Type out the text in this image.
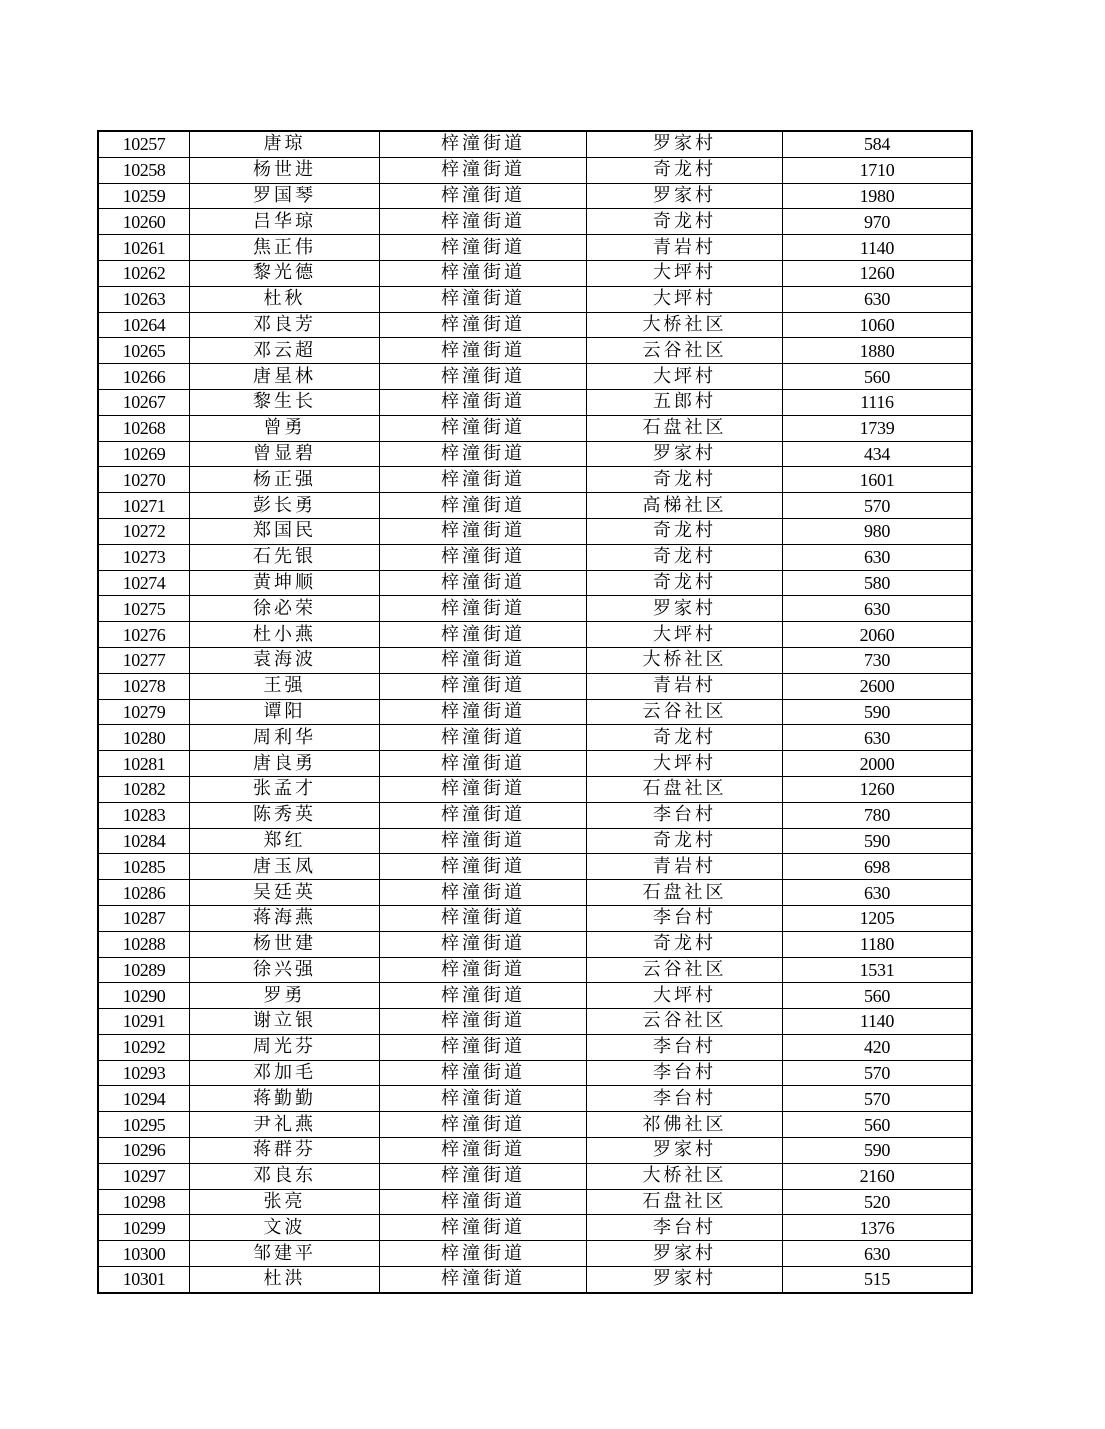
10257	唐琼	梓潼街道	罗家村	584
10258	杨世进	梓潼街道	奇龙村	1710
10259	罗国琴	梓潼街道	罗家村	1980
10260	吕华琼	梓潼街道	奇龙村	970
10261	焦正伟	梓潼街道	青岩村	1140
10262	黎光德	梓潼街道	大坪村	1260
10263	杜秋	梓潼街道	大坪村	630
10264	邓良芳	梓潼街道	大桥社区	1060
10265	邓云超	梓潼街道	云谷社区	1880
10266	唐星林	梓潼街道	大坪村	560
10267	黎生长	梓潼街道	五郎村	1116
10268	曾勇	梓潼街道	石盘社区	1739
10269	曾显碧	梓潼街道	罗家村	434
10270	杨正强	梓潼街道	奇龙村	1601
10271	彭长勇	梓潼街道	高梯社区	570
10272	郑国民	梓潼街道	奇龙村	980
10273	石先银	梓潼街道	奇龙村	630
10274	黄坤顺	梓潼街道	奇龙村	580
10275	徐必荣	梓潼街道	罗家村	630
10276	杜小燕	梓潼街道	大坪村	2060
10277	袁海波	梓潼街道	大桥社区	730
10278	王强	梓潼街道	青岩村	2600
10279	谭阳	梓潼街道	云谷社区	590
10280	周利华	梓潼街道	奇龙村	630
10281	唐良勇	梓潼街道	大坪村	2000
10282	张孟才	梓潼街道	石盘社区	1260
10283	陈秀英	梓潼街道	李台村	780
10284	郑红	梓潼街道	奇龙村	590
10285	唐玉凤	梓潼街道	青岩村	698
10286	吴廷英	梓潼街道	石盘社区	630
10287	蒋海燕	梓潼街道	李台村	1205
10288	杨世建	梓潼街道	奇龙村	1180
10289	徐兴强	梓潼街道	云谷社区	1531
10290	罗勇	梓潼街道	大坪村	560
10291	谢立银	梓潼街道	云谷社区	1140
10292	周光芬	梓潼街道	李台村	420
10293	邓加毛	梓潼街道	李台村	570
10294	蒋勤勤	梓潼街道	李台村	570
10295	尹礼燕	梓潼街道	祁佛社区	560
10296	蒋群芬	梓潼街道	罗家村	590
10297	邓良东	梓潼街道	大桥社区	2160
10298	张亮	梓潼街道	石盘社区	520
10299	文波	梓潼街道	李台村	1376
10300	邹建平	梓潼街道	罗家村	630
10301	杜洪	梓潼街道	罗家村	515
